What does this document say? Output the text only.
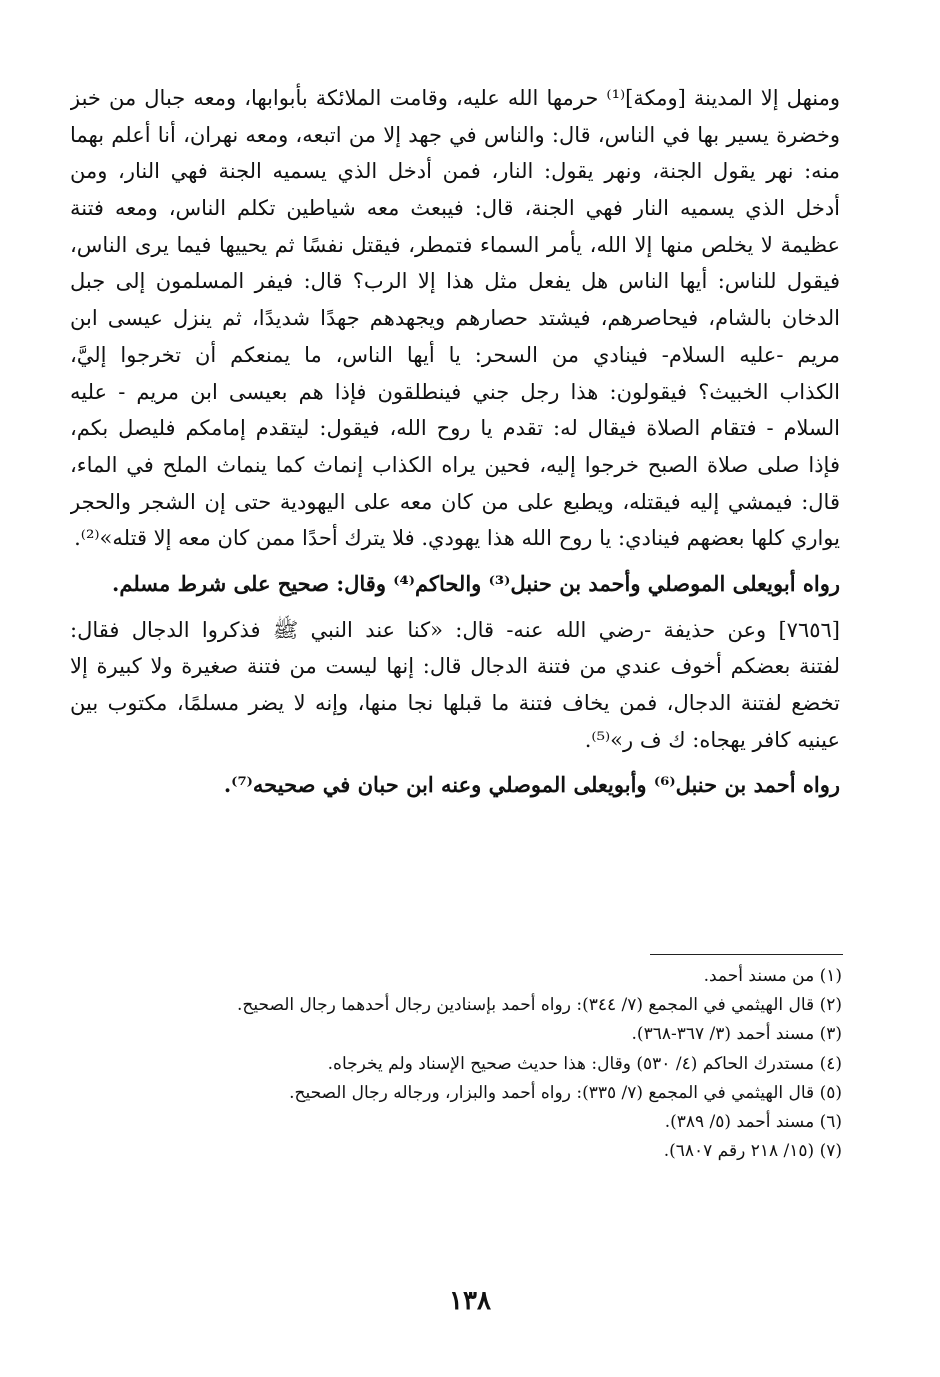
ومنهل إلا المدينة [ومكة]⁽¹⁾ حرمها الله عليه، وقامت الملائكة بأبوابها، ومعه جبال من خبز
وخضرة يسير بها في الناس، قال: والناس في جهد إلا من اتبعه، ومعه نهران، أنا أعلم بهما
منه: نهر يقول الجنة، ونهر يقول: النار، فمن أدخل الذي يسميه الجنة فهي النار، ومن
أدخل الذي يسميه النار فهي الجنة، قال: فيبعث معه شياطين تكلم الناس، ومعه فتنة
عظيمة لا يخلص منها إلا الله، يأمر السماء فتمطر، فيقتل نفسًا ثم يحييها فيما يرى الناس،
فيقول للناس: أيها الناس هل يفعل مثل هذا إلا الرب؟ قال: فيفر المسلمون إلى جبل
الدخان بالشام، فيحاصرهم، فيشتد حصارهم ويجهدهم جهدًا شديدًا، ثم ينزل عيسى ابن
مريم -عليه السلام- فينادي من السحر: يا أيها الناس، ما يمنعكم أن تخرجوا إليَّ،
الكذاب الخبيث؟ فيقولون: هذا رجل جني فينطلقون فإذا هم بعيسى ابن مريم - عليه
السلام - فتقام الصلاة فيقال له: تقدم يا روح الله، فيقول: ليتقدم إمامكم فليصل بكم،
فإذا صلى صلاة الصبح خرجوا إليه، فحين يراه الكذاب إنماث كما ينماث الملح في الماء،
قال: فيمشي إليه فيقتله، ويطبع على من كان معه على اليهودية حتى إن الشجر والحجر
يواري كلها بعضهم فينادي: يا روح الله هذا يهودي. فلا يترك أحدًا ممن كان معه إلا قتله»⁽²⁾.
رواه أبويعلى الموصلي وأحمد بن حنبل⁽³⁾ والحاكم⁽⁴⁾ وقال: صحيح على شرط مسلم.
[٧٦٥٦] وعن حذيفة -رضي الله عنه- قال: «كنا عند النبي ﷺ فذكروا الدجال فقال:
لفتنة بعضكم أخوف عندي من فتنة الدجال قال: إنها ليست من فتنة صغيرة ولا كبيرة إلا
تخضع لفتنة الدجال، فمن يخاف فتنة ما قبلها نجا منها، وإنه لا يضر مسلمًا، مكتوب بين
عينيه كافر يهجاه: ك ف ر»⁽⁵⁾.
رواه أحمد بن حنبل⁽⁶⁾ وأبويعلى الموصلي وعنه ابن حبان في صحيحه⁽⁷⁾.
(١) من مسند أحمد.
(٢) قال الهيثمي في المجمع (٧/ ٣٤٤): رواه أحمد بإسنادين رجال أحدهما رجال الصحيح.
(٣) مسند أحمد (٣/ ٣٦٧-٣٦٨).
(٤) مستدرك الحاكم (٤/ ٥٣٠) وقال: هذا حديث صحيح الإسناد ولم يخرجاه.
(٥) قال الهيثمي في المجمع (٧/ ٣٣٥): رواه أحمد والبزار، ورجاله رجال الصحيح.
(٦) مسند أحمد (٥/ ٣٨٩).
(٧) (١٥/ ٢١٨ رقم ٦٨٠٧).
١٣٨
